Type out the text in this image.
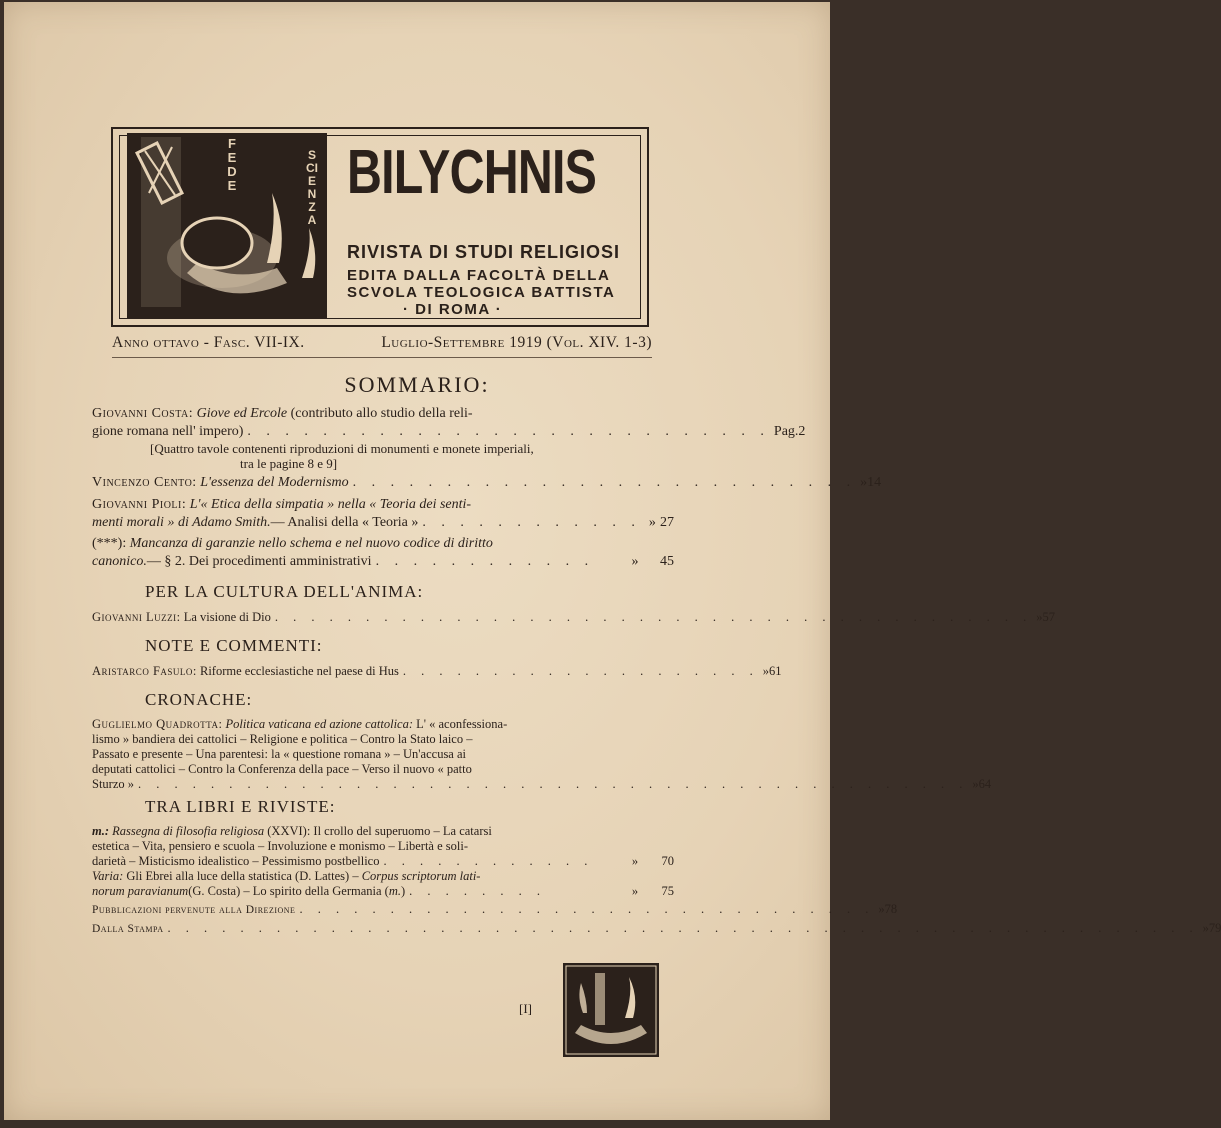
FEDE
SCIENZA
BILYCHNIS
RIVISTA DI STUDI RELIGIOSI
EDITA DALLA FACOLTÀ DELLA
SCVOLA TEOLOGICA BATTISTA
· DI ROMA ·
Anno ottavo - Fasc. VII-IX.	Luglio-Settembre 1919 (Vol. XIV. 1-3)
SOMMARIO:
Giovanni Costa: Giove ed Ercole (contributo allo studio della reli-
gione romana nell' impero) . . . . . . . . . . . . . . . . . . . . . . . . . . . . Pag. 2
[Quattro tavole contenenti riproduzioni di monumenti e monete imperiali,
tra le pagine 8 e 9]
Vincenzo Cento:
L'essenza del Modernismo . . . . . . . . . . . . . . . . . . . . . . . . . . . » 14
Giovanni Pioli: L'« Etica della simpatia » nella « Teoria dei senti-
menti morali » di Adamo Smith. — Analisi della « Teoria » . . . . . . . . . . . . » 27
(***): Mancanza di garanzie nello schema e nel nuovo codice di diritto
canonico. — § 2. Dei procedimenti amministrativi . . . . . . . . . . . .	»	45
PER LA CULTURA DELL'ANIMA:
Giovanni Luzzi:
La visione di Dio . . . . . . . . . . . . . . . . . . . . . . . . . . . . . . . . . . . . . . . . . . » 57
NOTE E COMMENTI:
Aristarco Fasulo:
Riforme ecclesiastiche nel paese di Hus . . . . . . . . . . . . . . . . . . . . » 61
CRONACHE:
Guglielmo Quadrotta: Politica vaticana ed azione cattolica: L' « aconfessiona-
lismo » bandiera dei cattolici – Religione e politica – Contro la Stato laico –
Passato e presente – Una parentesi: la « questione romana » – Un'accusa ai
deputati cattolici – Contro la Conferenza della pace – Verso il nuovo « patto
Sturzo » . . . . . . . . . . . . . . . . . . . . . . . . . . . . . . . . . . . . . . . . . . . . . . » 64
TRA LIBRI E RIVISTE:
m.: Rassegna di filosofia religiosa (XXVI): Il crollo del superuomo – La catarsi
estetica – Vita, pensiero e scuola – Involuzione e monismo – Libertà e soli-
darietà – Misticismo idealistico – Pessimismo postbellico . . . . . . . . . . . .	»	70
Varia: Gli Ebrei alla luce della statistica (D. Lattes) – Corpus scriptorum lati-
norum paravianum (G. Costa) – Lo spirito della Germania ( m. ) . . . . . . . .	»	75
Pubblicazioni pervenute alla Direzione . . . . . . . . . . . . . . . . . . . . . . . . . . . . . . . . » 78
Dalla Stampa . . . . . . . . . . . . . . . . . . . . . . . . . . . . . . . . . . . . . . . . . . . . . . . . . . . . . . . . . » 79
[I]
